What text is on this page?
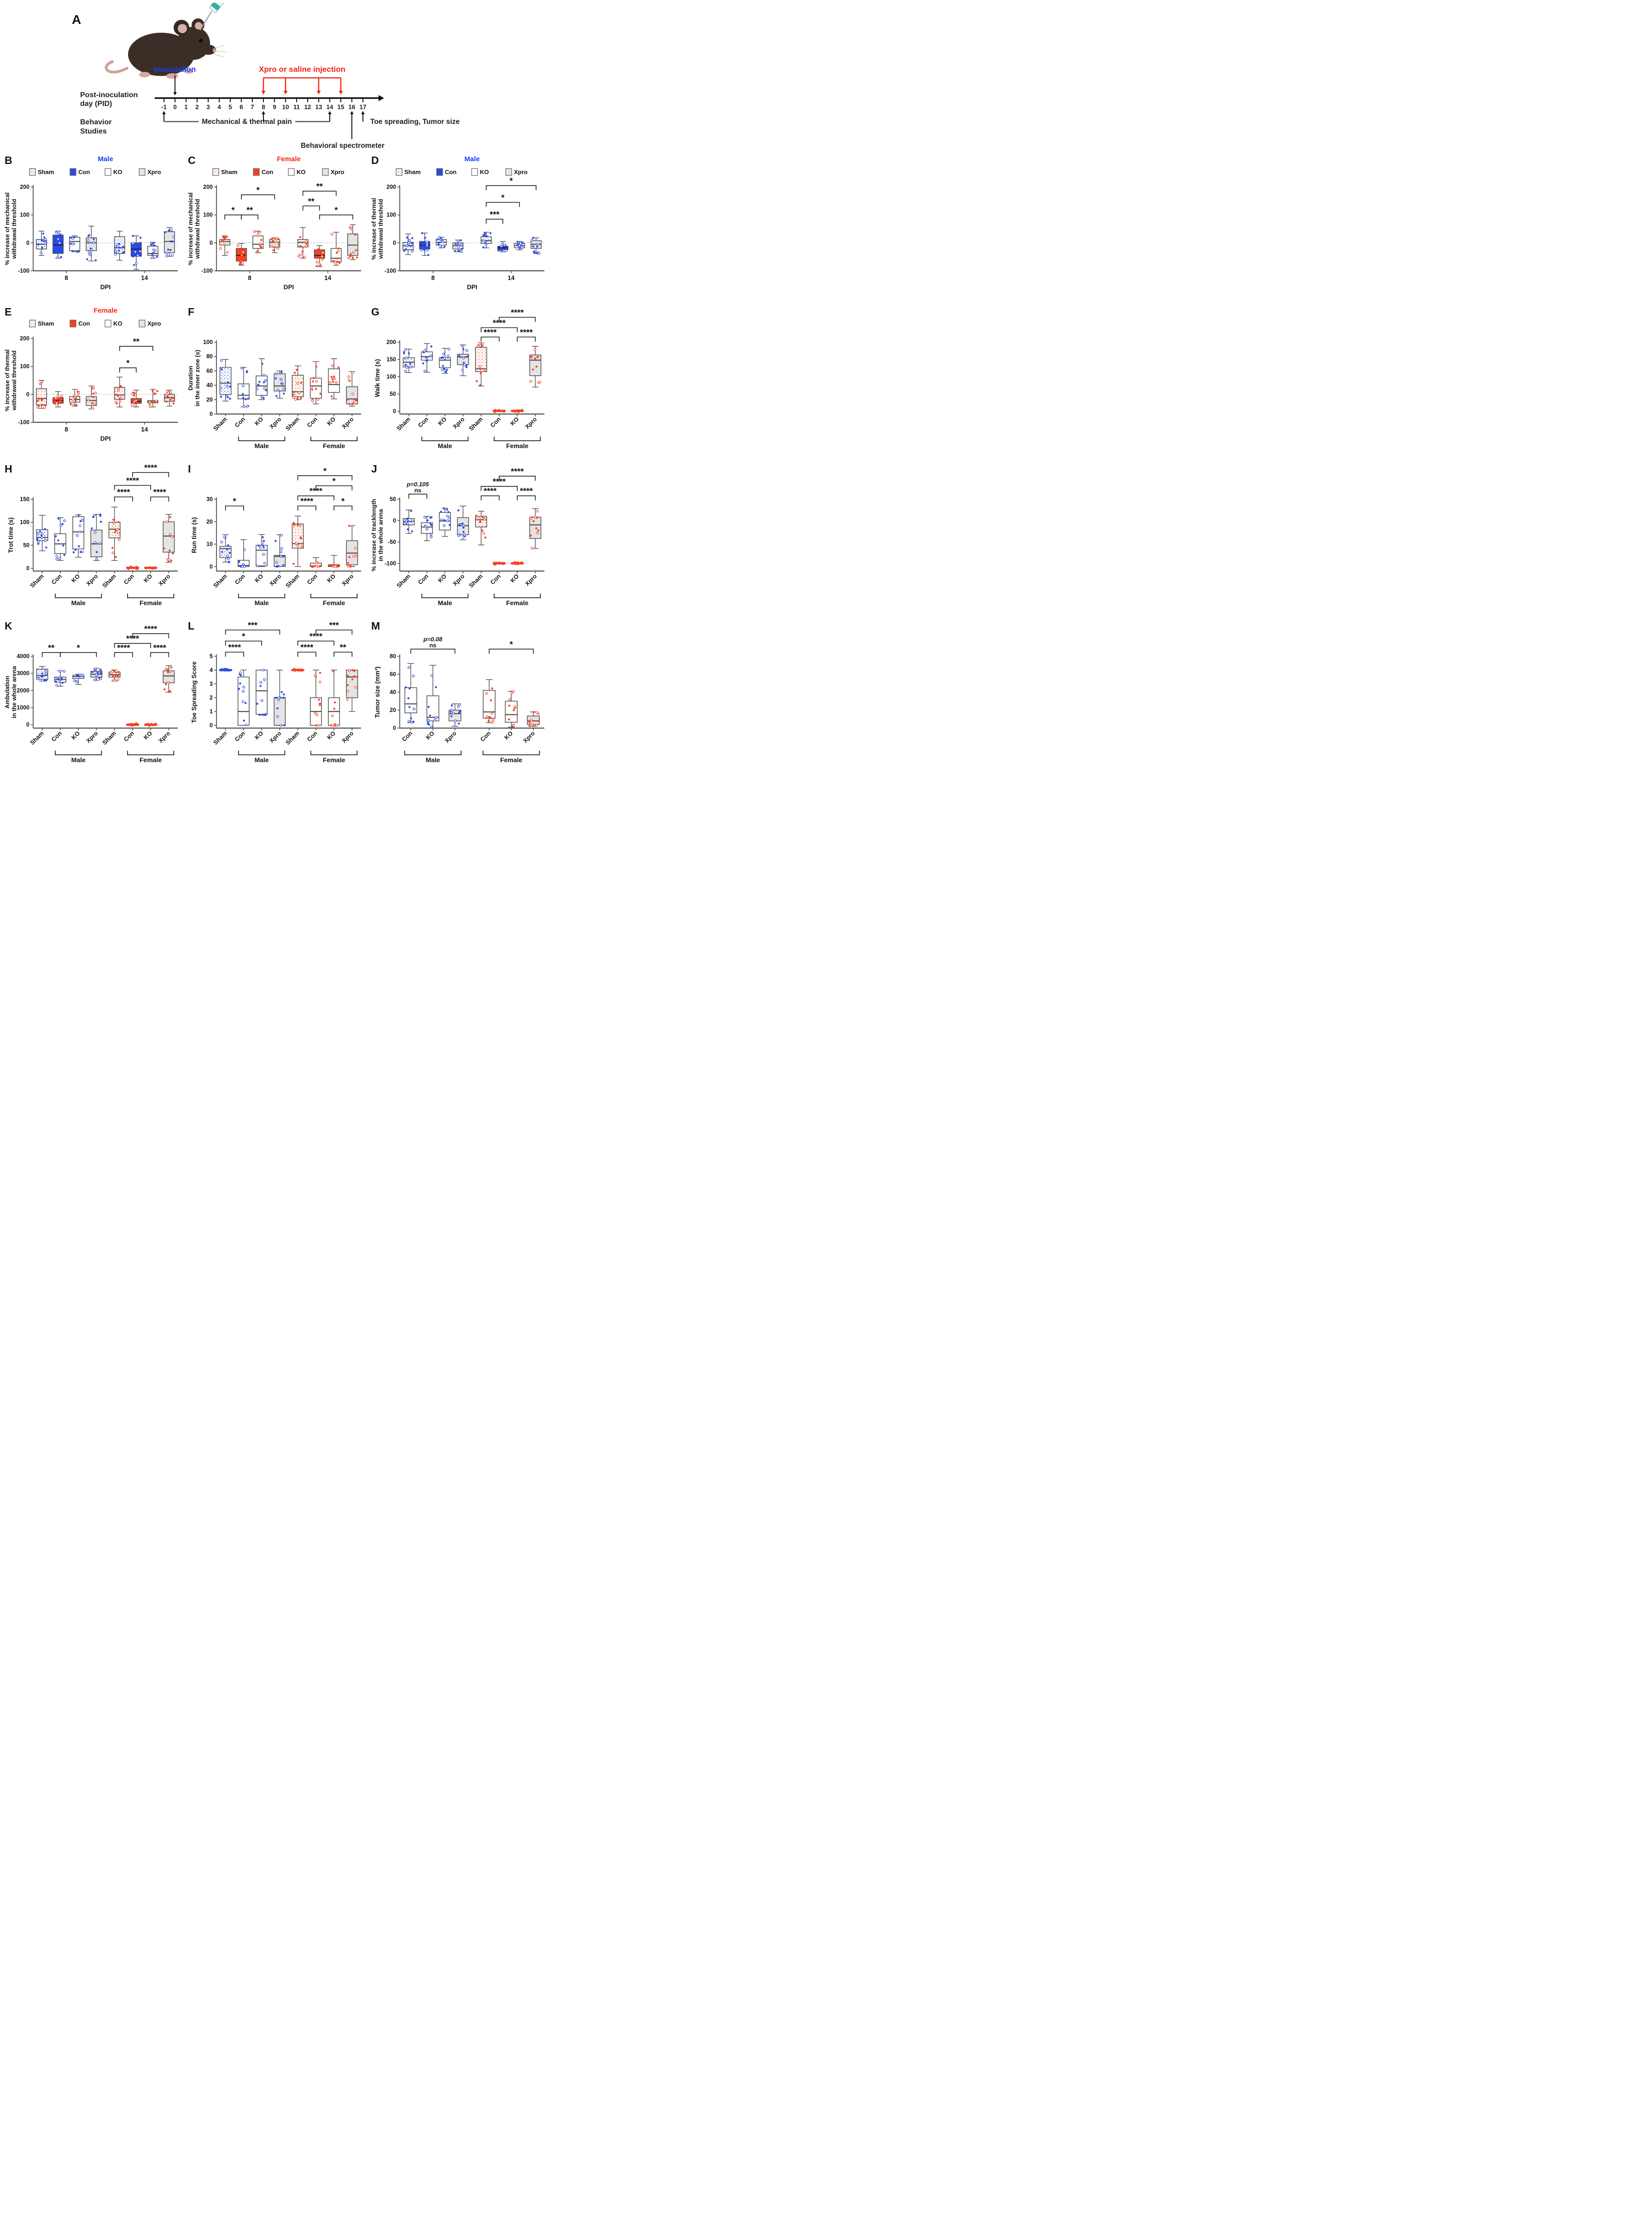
A
Inoculation	Xpro or saline injection
-1 0 1 2 3 4 5 6 7 8 9 10 11 12 13 14 15 16 17
Post-inoculation
day (PID)
Behavior
Studies
Mechanical & thermal pain	Toe spreading, Tumor size
Behavioral spectrometer
B	Male
Sham	Con	KO	Xpro
-100
0
100
200
% increase of mechanical withdrawal threshold
8	14
DPI
C	Female
Sham	Con	KO	Xpro
-100
0
100
200
% increase of mechanical withdrawal threshold
8	14
DPI
* **
*
**
*
**
D	Male
Sham	Con	KO	Xpro
-100
0
100
200
% increase of thermal withdrawal threshold
8	14
DPI
***
*
*
E	Female
Sham	Con	KO	Xpro
-100
0
100
200
% increase of thermal withdrawal threshold
8	14
DPI
*
**
F
0
20
40
60
80
100
Duration in the inner zone (s)
Sham Con KO Xpro Sham Con KO Xpro
Male	Female
G
0
50
100
150
200
Walk time (s)
Sham Con KO Xpro Sham Con KO Xpro
Male	Female
****	****
****
****
H
0
50
100
150
Trot time (s)
Sham Con KO Xpro Sham Con KO Xpro
Male	Female
****	****
****
****	I
0
10
20
30
Run time (s)
Sham Con KO Xpro Sham Con KO Xpro
Male	Female
*	****	*
****
*
*	J
-100
-50
0
50
% increase of tracklength in the whole arena
Sham Con KO Xpro Sham Con KO Xpro
Male	Female
p=0.105
ns	****	****
****
****
K
0
1000
2000
3000
4000
Ambulation in the whole arena
Sham Con KO Xpro Sham Con KO Xpro
Male	Female
**	*	****	****
****
****	L
0
1
2
3
4
5
Toe Spreading Score
Sham Con KO Xpro Sham Con KO Xpro
Male	Female
****
*
***
****	**
****
***	M
0
20
40
60
80
Tumor size (mm³)
Con KO Xpro	Con KO Xpro
Male	Female
p=0.08
ns	*
